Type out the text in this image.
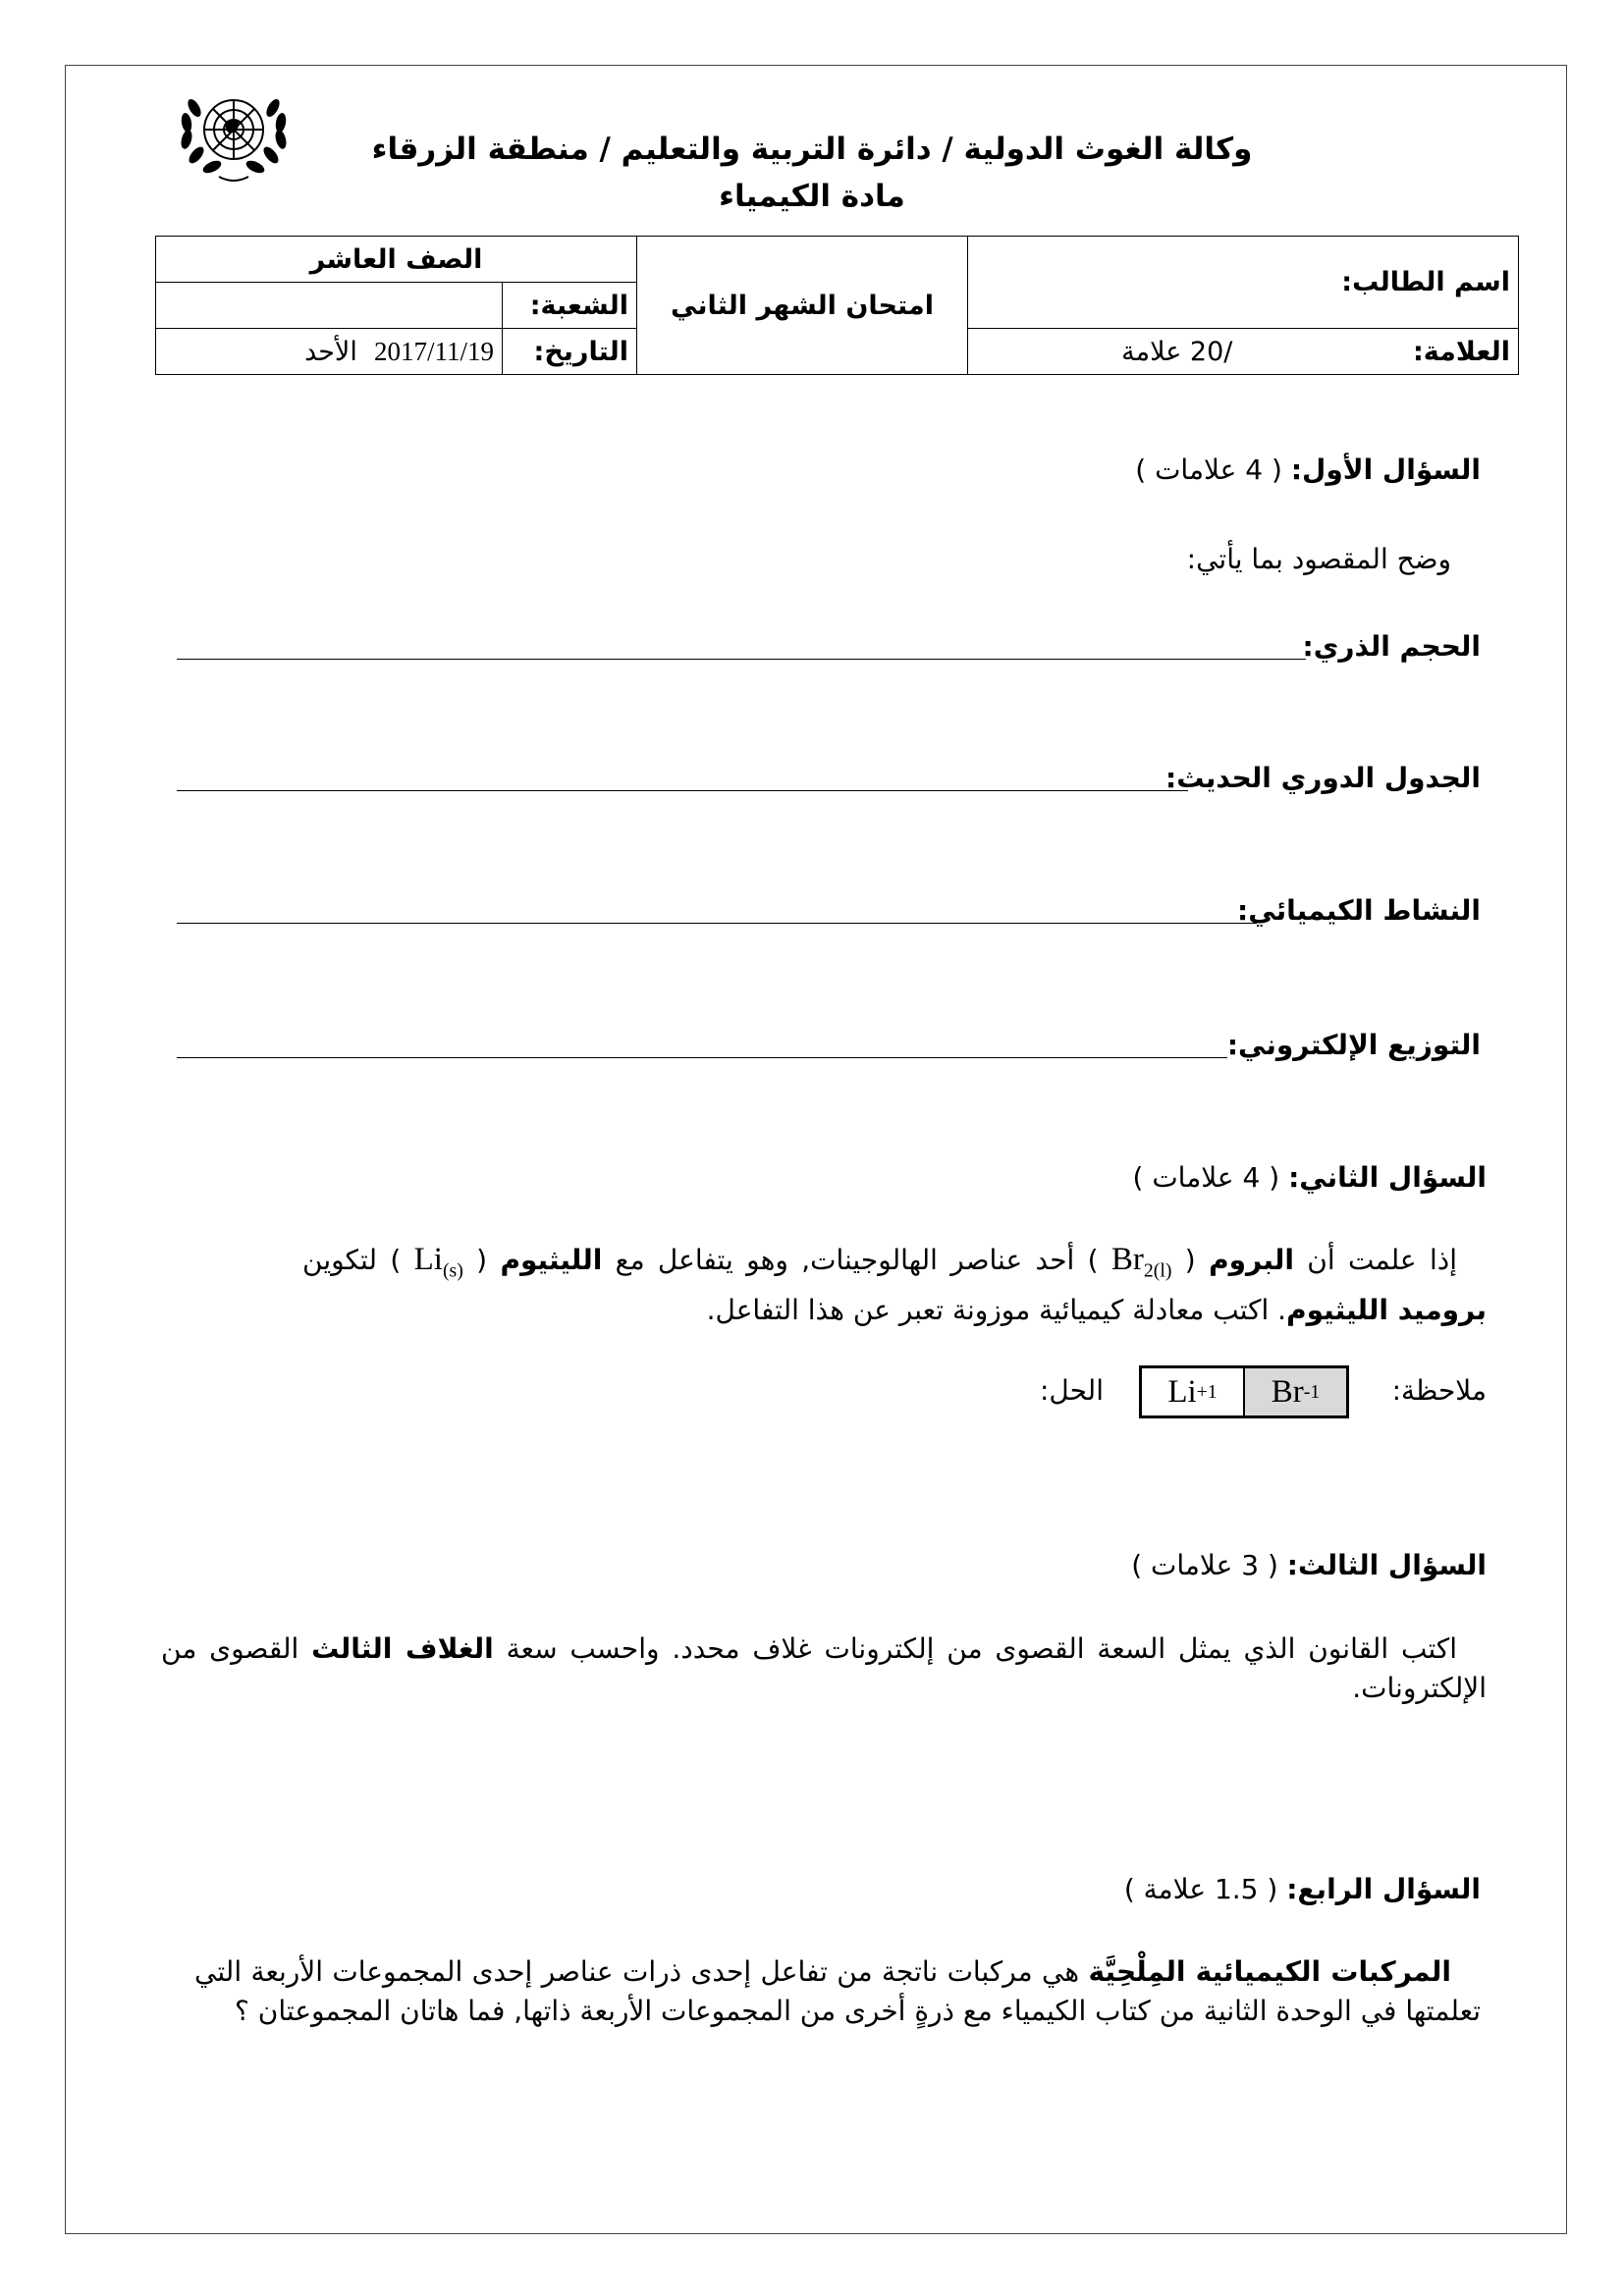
وكالة الغوث الدولية / دائرة التربية والتعليم / منطقة الزرقاء
مادة الكيمياء
اسم الطالب:	امتحان الشهر الثاني	الصف العاشر	
		الشعبة:	
العلامة: /20 علامة		التاريخ:	2017/11/19  الأحد
السؤال الأول: ( 4 علامات )
وضح المقصود بما يأتي:
الحجم الذري:
الجدول الدوري الحديث:
النشاط الكيميائي:
التوزيع الإلكتروني:
السؤال الثاني: ( 4 علامات )
إذا علمت أن البروم ( $Br_{2(l)}$ ) أحد عناصر الهالوجينات, وهو يتفاعل مع الليثيوم ( $Li_{(s)}$ ) لتكوين بروميد الليثيوم. اكتب معادلة كيميائية موزونة تعبر عن هذا التفاعل.
ملاحظة:
Li +1 Br -1
الحل:
السؤال الثالث: ( 3 علامات )
اكتب القانون الذي يمثل السعة القصوى من إلكترونات غلاف محدد. واحسب سعة الغلاف الثالث القصوى من الإلكترونات.
السؤال الرابع: ( 1.5 علامة )
المركبات الكيميائية المِلْحِيَّة هي مركبات ناتجة من تفاعل إحدى ذرات عناصر إحدى المجموعات الأربعة التي تعلمتها في الوحدة الثانية من كتاب الكيمياء مع ذرةٍ أخرى من المجموعات الأربعة ذاتها, فما هاتان المجموعتان ؟
